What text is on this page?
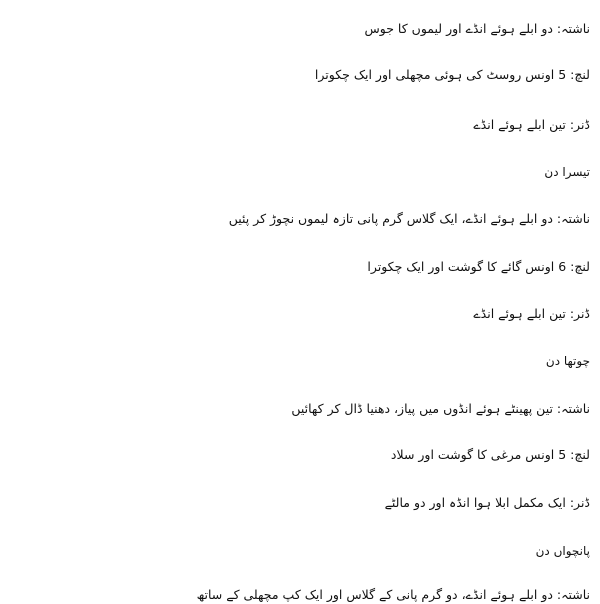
ناشتہ: دو ابلے ہوئے انڈے اور لیموں کا جوس
لنچ: 5 اونس روسٹ کی ہوئی مچھلی اور ایک چکوترا
ڈنر: تین ابلے ہوئے انڈے
تیسرا دن
ناشتہ: دو ابلے ہوئے انڈے، ایک گلاس گرم پانی تازہ لیموں نچوڑ کر پئیں
لنچ: 6 اونس گائے کا گوشت اور ایک چکوترا
ڈنر: تین ابلے ہوئے انڈے
چوتھا دن
ناشتہ: تین پھینٹے ہوئے انڈوں میں پیاز، دھنیا ڈال کر کھائیں
لنچ: 5 اونس مرغی کا گوشت اور سلاد
ڈنر: ایک مکمل ابلا ہوا انڈہ اور دو مالٹے
پانچواں دن
ناشتہ: دو ابلے ہوئے انڈے، دو گرم پانی کے گلاس اور ایک کپ مچھلی کے ساتھ
